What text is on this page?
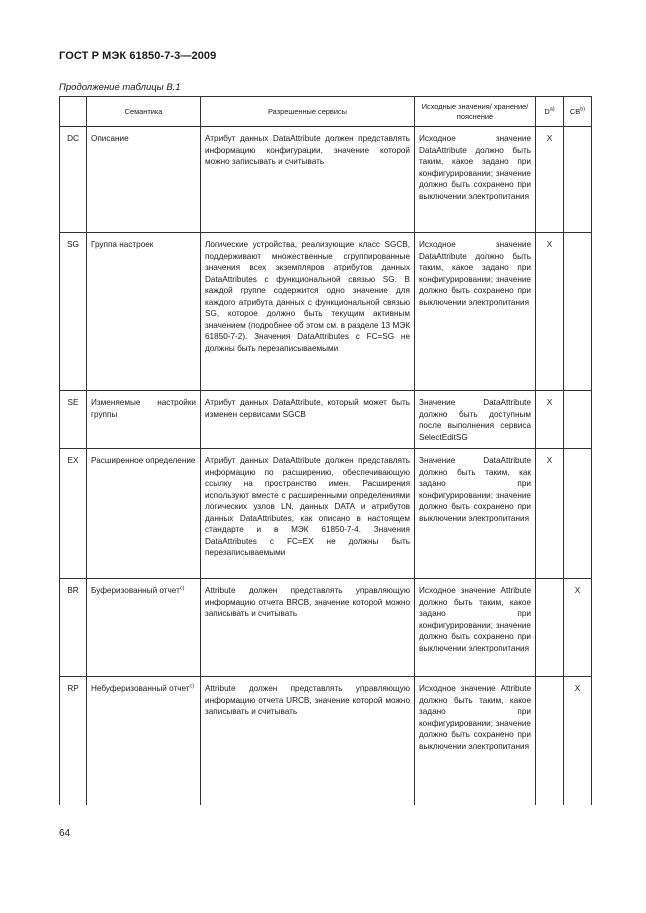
ГОСТ Р МЭК 61850-7-3—2009
Продолжение таблицы В.1
	Семантика	Разрешенные сервисы	Исходные значения/ хранение/пояснение	$D^{a)}$	CB$^{b)}$
DC	Описание	Атрибут данных DataAttribute должен представлять информацию конфигурации, значение которой можно записывать и считывать	Исходное значение DataAttribute должно быть таким, какое задано при конфигурировании; значение должно быть сохранено при выключении электропитания	X	
SG	Группа настроек	Логические устройства, реализующие класс SGCB, поддерживают множественные сгруппированные значения всех экземпляров атрибутов данных DataAttributes с функциональной связью SG. В каждой группе содержится одно значение для каждого атрибута данных с функциональной связью SG, которое должно быть текущим активным значением (подробнее об этом см. в разделе 13 МЭК 61850-7-2). Значения DataAttributes с FC=SG не должны быть перезаписываемыми	Исходное значение DataAttribute должно быть таким, какое задано при конфигурировании; значение должно быть сохранено при выключении электропитания	X	
SE	Изменяемые настройки группы	Атрибут данных DataAttribute, который может быть изменен сервисами SGCB	Значение DataAttribute должно быть доступным после выполнения сервиса SelectEditSG	X	
EX	Расширенное определение	Атрибут данных DataAttribute должен представлять информацию по расширению, обеспечивающую ссылку на пространство имен. Расширения используют вместе с расширенными определениями логических узлов LN, данных DATA и атрибутов данных DataAttributes, как описано в настоящем стандарте и в МЭК 61850-7-4. Значения DataAttributes с FC=EX не должны быть перезаписываемыми	Значение DataAttribute должно быть таким, как задано при конфигурировании; значение должно быть сохранено при выключении электропитания	X	
BR	Буферизованный отчет$^{c)}$	Attribute должен представлять управляющую информацию отчета BRCB, значение которой можно записывать и считывать	Исходное значение Attribute должно быть таким, какое задано при конфигурировании; значение должно быть сохранено при выключении электропитания		X
RP	Небуферизованный отчет$^{c)}$	Attribute должен представлять управляющую информацию отчета URCB, значение которой можно записывать и считывать	Исходное значение Attribute должно быть таким, какое задано при конфигурировании; значение должно быть сохранено при выключении электропитания		X
64
